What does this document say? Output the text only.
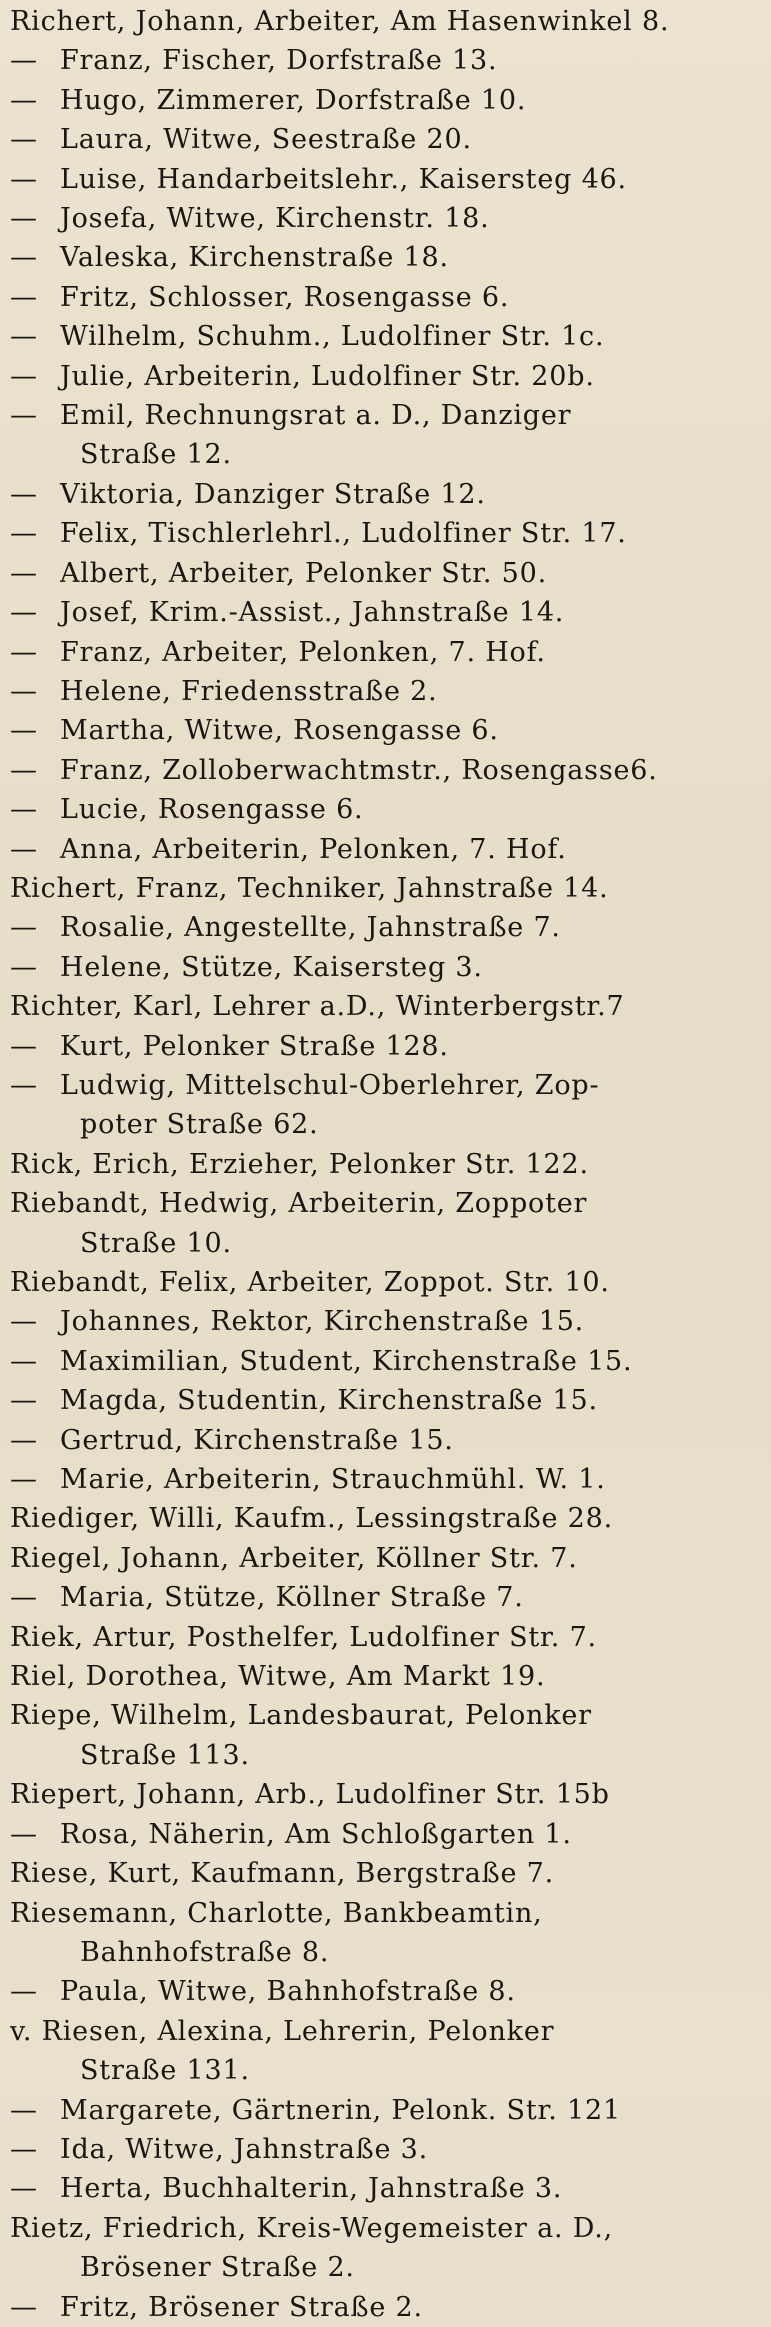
Richert, Johann, Arbeiter, Am Hasenwinkel 8.
—Franz, Fischer, Dorfstraße 13.
—Hugo, Zimmerer, Dorfstraße 10.
—Laura, Witwe, Seestraße 20.
—Luise, Handarbeitslehr., Kaisersteg 46.
—Josefa, Witwe, Kirchenstr. 18.
—Valeska, Kirchenstraße 18.
—Fritz, Schlosser, Rosengasse 6.
—Wilhelm, Schuhm., Ludolfiner Str. 1c.
—Julie, Arbeiterin, Ludolfiner Str. 20b.
—Emil, Rechnungsrat a. D., Danziger
Straße 12.
—Viktoria, Danziger Straße 12.
—Felix, Tischlerlehrl., Ludolfiner Str. 17.
—Albert, Arbeiter, Pelonker Str. 50.
—Josef, Krim.-Assist., Jahnstraße 14.
—Franz, Arbeiter, Pelonken, 7. Hof.
—Helene, Friedensstraße 2.
—Martha, Witwe, Rosengasse 6.
—Franz, Zolloberwachtmstr., Rosengasse6.
—Lucie, Rosengasse 6.
—Anna, Arbeiterin, Pelonken, 7. Hof.
Richert, Franz, Techniker, Jahnstraße 14.
—Rosalie, Angestellte, Jahnstraße 7.
—Helene, Stütze, Kaisersteg 3.
Richter, Karl, Lehrer a.D., Winterbergstr.7
—Kurt, Pelonker Straße 128.
—Ludwig, Mittelschul-Oberlehrer, Zop-
poter Straße 62.
Rick, Erich, Erzieher, Pelonker Str. 122.
Riebandt, Hedwig, Arbeiterin, Zoppoter
Straße 10.
Riebandt, Felix, Arbeiter, Zoppot. Str. 10.
—Johannes, Rektor, Kirchenstraße 15.
—Maximilian, Student, Kirchenstraße 15.
—Magda, Studentin, Kirchenstraße 15.
—Gertrud, Kirchenstraße 15.
—Marie, Arbeiterin, Strauchmühl. W. 1.
Riediger, Willi, Kaufm., Lessingstraße 28.
Riegel, Johann, Arbeiter, Köllner Str. 7.
—Maria, Stütze, Köllner Straße 7.
Riek, Artur, Posthelfer, Ludolfiner Str. 7.
Riel, Dorothea, Witwe, Am Markt 19.
Riepe, Wilhelm, Landesbaurat, Pelonker
Straße 113.
Riepert, Johann, Arb., Ludolfiner Str. 15b
—Rosa, Näherin, Am Schloßgarten 1.
Riese, Kurt, Kaufmann, Bergstraße 7.
Riesemann, Charlotte, Bankbeamtin,
Bahnhofstraße 8.
—Paula, Witwe, Bahnhofstraße 8.
v. Riesen, Alexina, Lehrerin, Pelonker
Straße 131.
—Margarete, Gärtnerin, Pelonk. Str. 121
—Ida, Witwe, Jahnstraße 3.
—Herta, Buchhalterin, Jahnstraße 3.
Rietz, Friedrich, Kreis-Wegemeister a. D.,
Brösener Straße 2.
—Fritz, Brösener Straße 2.
